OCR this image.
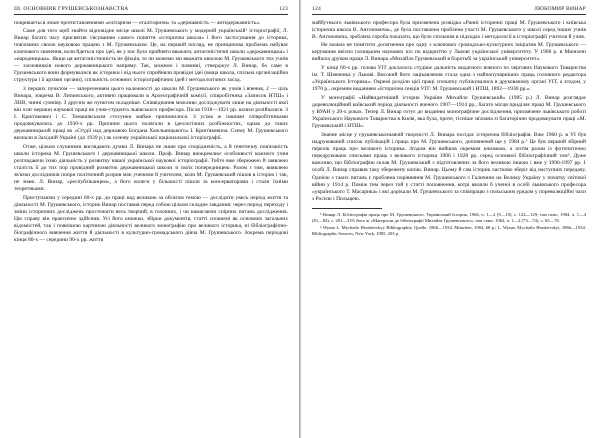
ІІІ. ОСНОВНИК ГРУШЕВСЬКОЗНАВСТВА	123

покривається лише протиставленнями «елітаризм — егалітаризм» та «державність — антидержавність».

Саме для того щоб знайти відповідне місце школі М. Грушевського у модерній українській¹ історіографії, Л. Винар багато часу присвятив з'ясуванню самого поняття «історична школа» і його застосування до історика, пов'язаних своєю науковою працею з М. Грушевським. Це, на перший погляд, не принципова проблема набуває ключового значення, коли йдеться про ідеї, як у нас було прийнято вважати, антагоністичні школи «державницька» і «народницька». Якщо ця антагоністичність не фікція, то чи можемо ми вважати школою М. Грушевського тих учнів — засновників нового державницького напряму. Так, можемо і повинні, стверджує Л. Винар, бо саме в Грушевського вони формувалися як історики і від нього сприйняли провідні ідеї (вища школа, спільна організаційна структура і її архівні органи), спільність основних історіографічних ідей і методологічних засад.

З перших пунктом — запереченням цього належності до школи М. Грушевського як учнів і вчення, 2 — ціль Винара, зокрема В. Липинського, активно працювали в Археографічній комісії, співробітника «Записок НТШ» і ЛНВ, чинні сумніву. З другим же пунктом складніше. Співвіднання можливо досліджувати лише на діяльності якої він осяг вершин наукової праці як учня-студента львівського професора. Після 1918—1921 рр. шляхи розійшлися. 3 І. Крип'якевич і С. Томашівським стосунки майже припинилися. З усіма ж іншими співробітниками продовжувались до 1930-х рр. Причини цього полягали в ідеологічних розбіжностях, однак до таких державницький праці як «Студії над державою Богдана Хмельницького» І. Крип'якевича. Схему М. Грушевського визнали в Західній Україні (до 1939 р.) як основу української національної історіографії.

Отже, цілком слушними виглядають думки Л. Винара не лише про спорідненість, а й генетичну пов'язаність школи історика М. Грушевського і державницької школи. Проф. Винар виокремлює особливості кожного учня розглядаючи їхню діяльність у розвитку нашої української наукової історіографії. Тобто вже збережено й заявлено сталість її до тих пор провідний розвиток державницької школи зі своїх попередницею. Разом з тим, виявлено зв'язки дослідників попри політичний розрив між ученими й учителем, коли М. Грушевський пішов в історію і так, не знаю. Л. Винар, «республіканцем», а його колеги у більшості пішли за консерваторами і стали їхніми теоретиками.

Приступаючи у середині 60-х рр. до праці над великою за обсягом темою — дослідити увесь період життя та діяльності М. Грушевського, історик Винар поставив перед собою цілком складне завдання: через період переходу і зміни історичних досліджень простежити весь творчий, в головних, і чи намагаючи спірних питань дослідження. Цю справу він практично здійснив. Усі його книжки, збірки документів, статті сповнені як основних загальних відомостей, так і повнішою картиною діяльності великого монографію про великого історика, ні бібліографічно-біографічного вивчення життя й діяльності в культурно-громадського діяча М. Грушевського. Зокрема періодові кінця 80-х — середини 90-х рр. життя

124	ЛЮБОМИР ВИНАР

майбутнього львівського професора була присвячена розвідка «Ранні історичні праці М. Грушевського і київська історична школа В. Антоновича», де була поставлена проблема участі М. Грушевського у школі серед інших учнів В. Антоновича, зроблена спроба показати, що було спільним в підходах і методології в історіографії учителя й учня.

Не можна не помітити досягнення про одну з ключових громадсько-культурних ініціатив М. Грушевського — керування якісно галицьким наукових кіл по відкриттю у Львові української університету. У 1968 р. в Мюнхені вийшла друком праця Л. Винара «Михайло Грушевський в боротьбі за український університет».

У кінці 60-х рр. голова УІТ доклалось студіює дальність видатного вченого по чергових Наукового Товариства ім. Т. Шевченка у Львові. Високий його зацікавлення стала одна з найпопулярніших праць головного редактора «Українського Історика». Окремі розділи цієї праці спочатку публікувалися в друкованому органі УІТ, а згодом, у 1970 р., окремим виданням «Історична секція УІТ: М. Грушевський і НТШ, 1892—1930 рр.».

У монографії «Найвидатніший історик України Михайло Грушевський» (1985 р.) Л. Винар розглядає дореволюційний київський період діяльності вченого 1907—1914 рр., багато місця приділяє праці М. Грушевського у ВУАН у 20-х роках. Тепер Л. Винар готує до виданню монографічне дослідження, присвячене львівського роботі Українського Наукового Товариства в Києві, яка була, проте, тісніше зв'язана зі багаторічно продовжувати праці «М. Грушевський і НТШ».

Значне місце у грушевськознавчій творчості Л. Винара посідає історична бібліографія. Вже 1960 р. в УІ був надрукований список публікацій і праць про М. Грушевського, доповнений ще у 1984 р.⁵ Це був перший збірний перелік праць про великого історика. Згодом він вийшов окремим книжкою, а потім разом із фотопитично передруковано списками праць з великого історика 1906 і 1928 рр. серед основної бібліографічний том⁶. Дуже важливо, що бібліографію склав М. Грушевський з підготовлених за його великою іншою і вже у 1996-1997 рр. 1 особі Л. Винар справив таку збережену копію. Винар. Цьому й сам історик частково зберіг від наступних передачу. Однією з таких питань є проблема порівняння М. Грушевського з Галичини на Велику Україну у початку світової війни у 1914 р. Поміж тим через той у статті поповнення, котрі являли б ученої в особі львівського професора «українського Т. Масарика» і які дорікали М. Грушевського за співпрацю з польським урядом у пореволюційні часи з Росією і Польщею.

⁵ Винар Л. Бібліографія праць про М. Грушевського. Український Історик, 1966, ч. 1—2 (9—10), с. 122—129; там само, 1984, ч. 1—4 (81—84), с. 291—319; його ж «Матеріали до бібліографії Михайла Грушевського», там само, 1962, ч. 1—2 (73—74), с. 65—76.

⁶ Wynar L. Mychailo Hrushevskyj: Bibliographie, Quelle, 1866—1934. München, 1984, 68 p.; L. Wynar. Mychailo Hrushevskyi, 1866—1934. Bibliographic Sources, New York, 1985, 203 p.
